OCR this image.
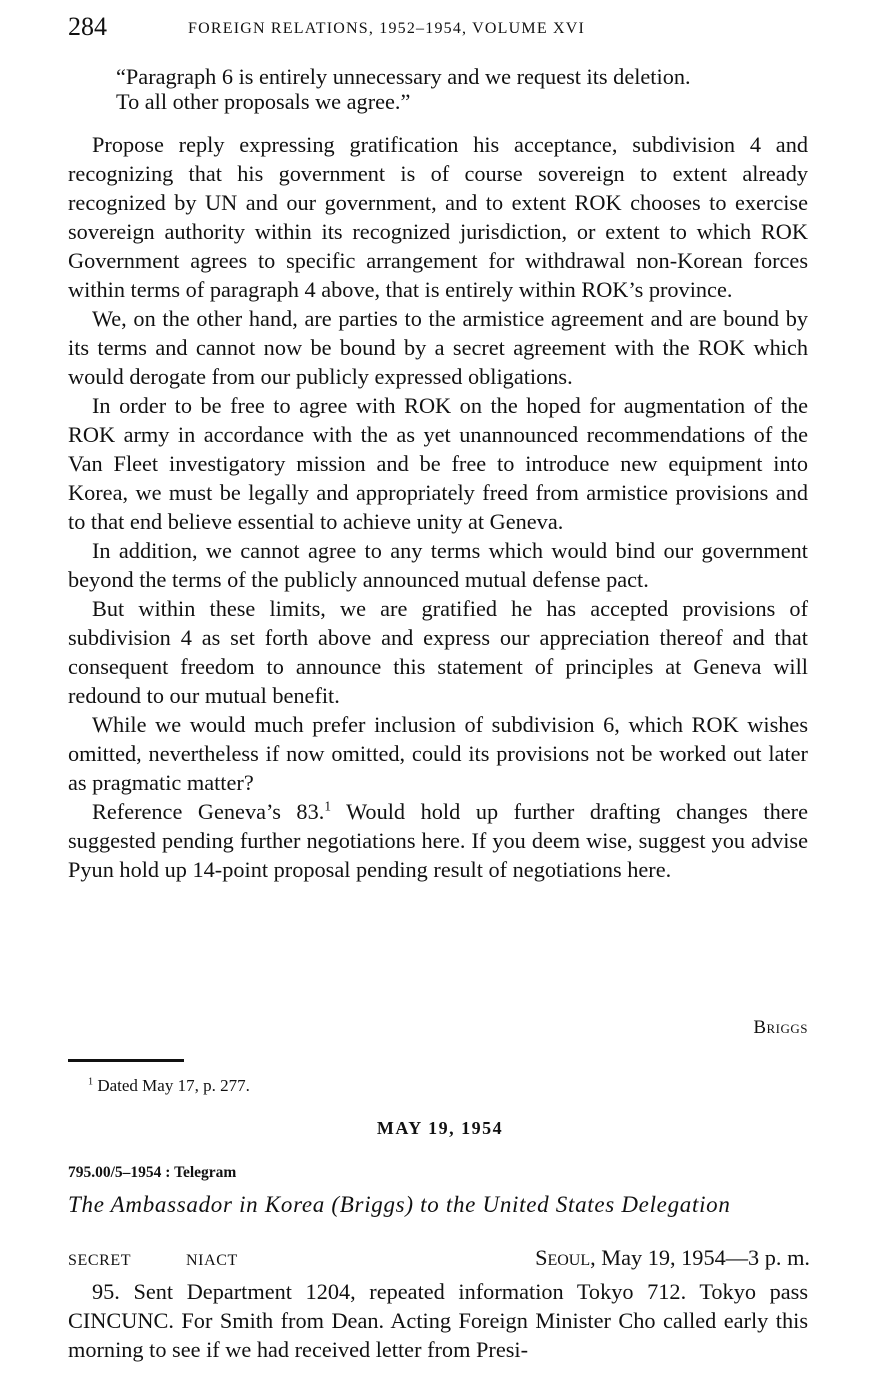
284	FOREIGN RELATIONS, 1952–1954, VOLUME XVI

“Paragraph 6 is entirely unnecessary and we request its deletion.

To all other proposals we agree.”

Propose reply expressing gratification his acceptance, subdivision 4 and recognizing that his government is of course sovereign to extent already recognized by UN and our government, and to extent ROK chooses to exercise sovereign authority within its recognized jurisdiction, or extent to which ROK Government agrees to specific arrangement for withdrawal non-Korean forces within terms of paragraph 4 above, that is entirely within ROK’s province.

We, on the other hand, are parties to the armistice agreement and are bound by its terms and cannot now be bound by a secret agreement with the ROK which would derogate from our publicly expressed obligations.

In order to be free to agree with ROK on the hoped for augmentation of the ROK army in accordance with the as yet unannounced recommendations of the Van Fleet investigatory mission and be free to introduce new equipment into Korea, we must be legally and appropriately freed from armistice provisions and to that end believe essential to achieve unity at Geneva.

In addition, we cannot agree to any terms which would bind our government beyond the terms of the publicly announced mutual defense pact.

But within these limits, we are gratified he has accepted provisions of subdivision 4 as set forth above and express our appreciation thereof and that consequent freedom to announce this statement of principles at Geneva will redound to our mutual benefit.

While we would much prefer inclusion of subdivision 6, which ROK wishes omitted, nevertheless if now omitted, could its provisions not be worked out later as pragmatic matter?

Reference Geneva’s 83.$^1$ Would hold up further drafting changes there suggested pending further negotiations here. If you deem wise, suggest you advise Pyun hold up 14-point proposal pending result of negotiations here.

Briggs
$^1$ Dated May 17, p. 277.
MAY 19, 1954
795.00/5–1954 : Telegram
The Ambassador in Korea (Briggs) to the United States Delegation
SECRET	NIACT	Seoul, May 19, 1954—3 p. m.

95. Sent Department 1204, repeated information Tokyo 712. Tokyo pass CINCUNC. For Smith from Dean. Acting Foreign Minister Cho called early this morning to see if we had received letter from Presi-
